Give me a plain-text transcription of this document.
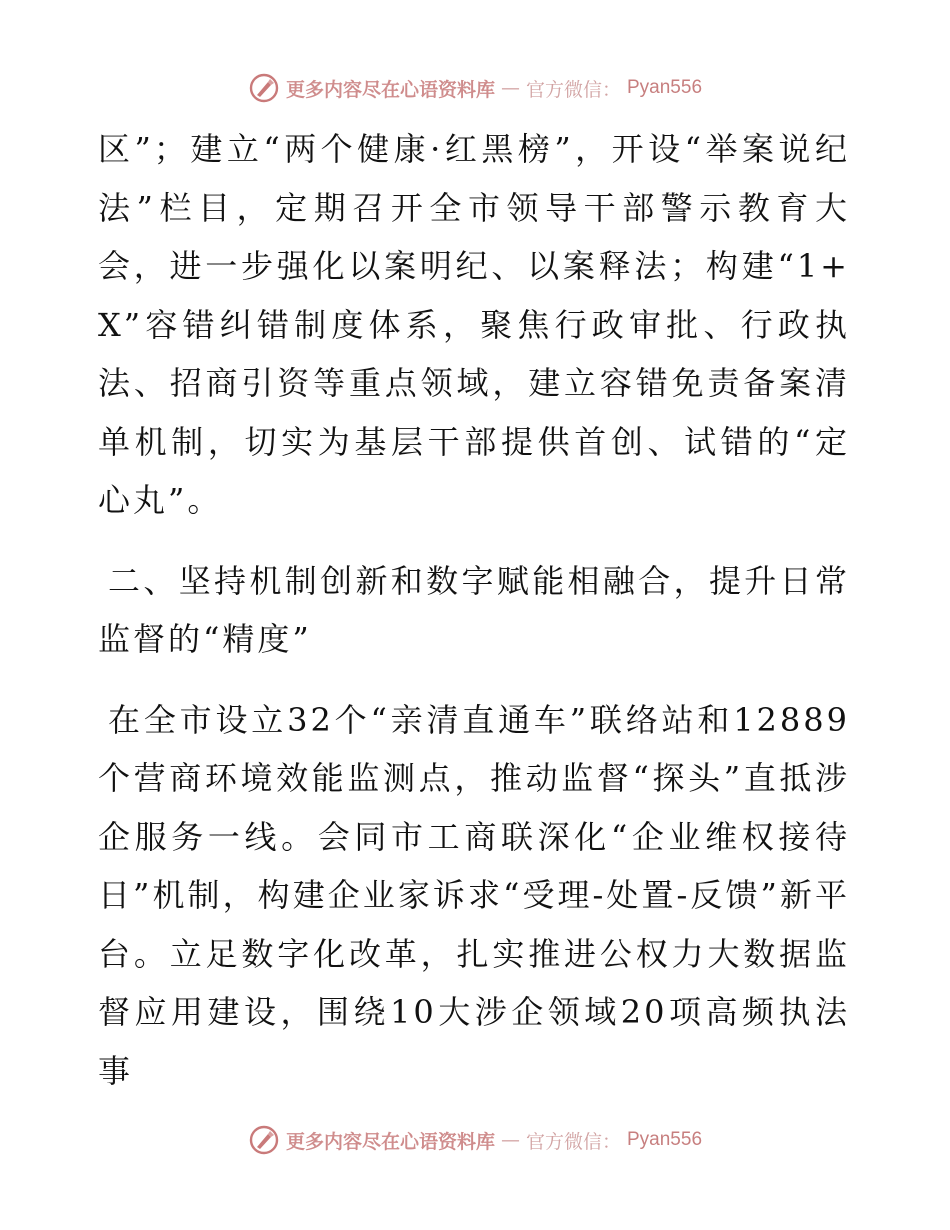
更多内容尽在心语资料库 — 官方微信： Pyan556

区”；建立“两个健康·红黑榜”，开设“举案说纪法”栏目，定期召开全市领导干部警示教育大会，进一步强化以案明纪、以案释法；构建“1+X”容错纠错制度体系，聚焦行政审批、行政执法、招商引资等重点领域，建立容错免责备案清单机制，切实为基层干部提供首创、试错的“定心丸”。

二、坚持机制创新和数字赋能相融合，提升日常监督的“精度”

在全市设立32个“亲清直通车”联络站和12889个营商环境效能监测点，推动监督“探头”直抵涉企服务一线。会同市工商联深化“企业维权接待日”机制，构建企业家诉求“受理-处置-反馈”新平台。立足数字化改革，扎实推进公权力大数据监督应用建设，围绕10大涉企领域20项高频执法事

更多内容尽在心语资料库 — 官方微信： Pyan556
